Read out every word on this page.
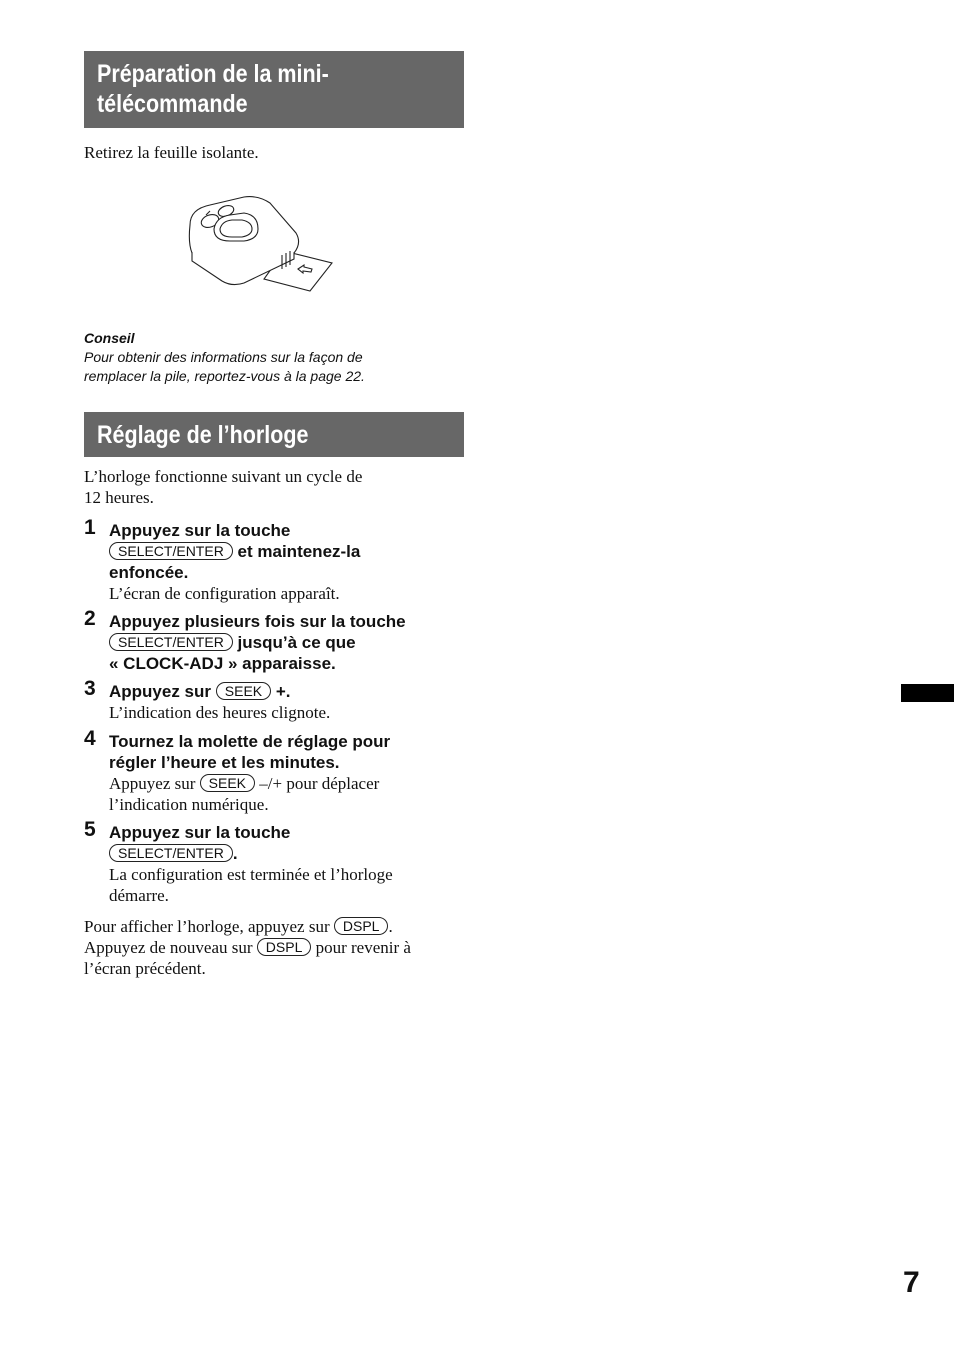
Préparation de la mini-
télécommande
Retirez la feuille isolante.
Conseil
Pour obtenir des informations sur la façon de
remplacer la pile, reportez-vous à la page 22.
Réglage de l’horloge
L’horloge fonctionne suivant un cycle de
12 heures.
1 Appuyez sur la touche
SELECT/ENTER et maintenez-la
enfoncée.
L’écran de configuration apparaît.
2 Appuyez plusieurs fois sur la touche
SELECT/ENTER jusqu’à ce que
« CLOCK-ADJ » apparaisse.
3 Appuyez sur SEEK +.
L’indication des heures clignote.
4 Tournez la molette de réglage pour
régler l’heure et les minutes.
Appuyez sur SEEK –/+ pour déplacer
l’indication numérique.
5 Appuyez sur la touche
SELECT/ENTER .
La configuration est terminée et l’horloge
démarre.
Pour afficher l’horloge, appuyez sur DSPL .
Appuyez de nouveau sur DSPL pour revenir à
l’écran précédent.
7
